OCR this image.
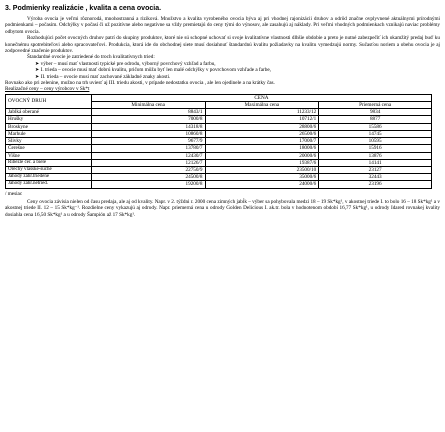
3. Podmienky realizácie , kvalita a cena ovocia.

Výroba ovocia je veľmi rôznorodá, mnohostranná a riziková. Množstvo a kvalita vyrobeného ovocia býva aj pri vhodnej rajonizácii druhov a odrôd značne ovplyvnené aktuálnymi prírodnými podmienkami – počasím. Odchýlky v počasí či už pozitívne alebo negatívne sa vždy premietajú do ceny tými do výnosov, ale zasahujú aj náklady. Pri veľmi vhodných podmienkach vznikajú naviac problémy odbytom ovocia.

Rozhodujúci počet ovocných druhov patrí do skupiny produktov, ktoré nie sú schopné uchovať si svoje kvalitatívne vlastnosti dlhšie obdobie a preto je nutné zabezpečiť ich okamžitý predaj buď ku konečnému spotrebiteľovi alebo spracovateľovi. Produkcia, ktorá ide do obchodnej siete musí dosiahnuť štandardnú kvalitu požiadavky na kvalitu vymedzujú normy. Sučasťou noriem a obehu ovocia je aj zodpovedné značenie produktov.

Štandardné ovocie je zatriedené do troch kvalitatívnych tried:

➤ výber – musí mať vlastnosti typické pre odrodu, výborný povrchový vzhľad a farbu,
➤ I. trieda – ovocie musí mať dobrú kvalitu, pričom môžu byť len malé odchýlky v povrchovom vzhľade a farbe,
➤ II. trieda – ovocie musí mať zachované základné znaky akosti.

Rovnako ako pri zelenine, možno na trh uviesť aj III. triedu akosti, v prípade nedostatku ovocia , ale len ojedinele a na krátky čas.

Realizačné ceny – ceny výrobcov v Sk*t

OVOCNÝ DRUH	CENA		
	Minimálna cena	Maximálna cena	Priemerná cena
Jablká oberané	8843/1	11233/12	9834
Hrušky	7000/8	10712/1	8877
Broskyne	14318/8	28800/6	15586
Marhule	10860/8	26500/6	14745
Slivky	9677/9	17000/7	10595
Čerešne	13780/7	18000/6	15916
Višne	12430/7	20000/6	13876
Ríbezle čer. a biele	12126/7	19387/6	14141
Orechy vlašske-suché	22750/9	23500/10	23127
Jahody záhr.triedené	24500/8	35000/6	32443
Jahody záhr.netried.	19200/8	24000/6	23196

/ mesiac

Ceny ovocia závisia nielen od času predaja, ale aj od kvality. Napr. v 2. týždni r. 2000 cena zimných jabĺk – výber sa pohybovala medzi 18 – 19 Sk*kg¹, v akostnej triede I. to bolo 16 – 18 Sk*kg¹ a v akostnej triede II. 12 – 15 Sk*kg⁻¹. Rozdielne ceny vykazujú aj odrody. Napr. priemerná cena u odrody Golden Delicious I. ak.tr. bola v hodnotenom období 16,77 Sk*kg¹, u odrody Idared rovnakej kvality dosiahla cena 16,50 Sk*kg¹ a u odrody Šampión až 17 Sk*kg¹.
